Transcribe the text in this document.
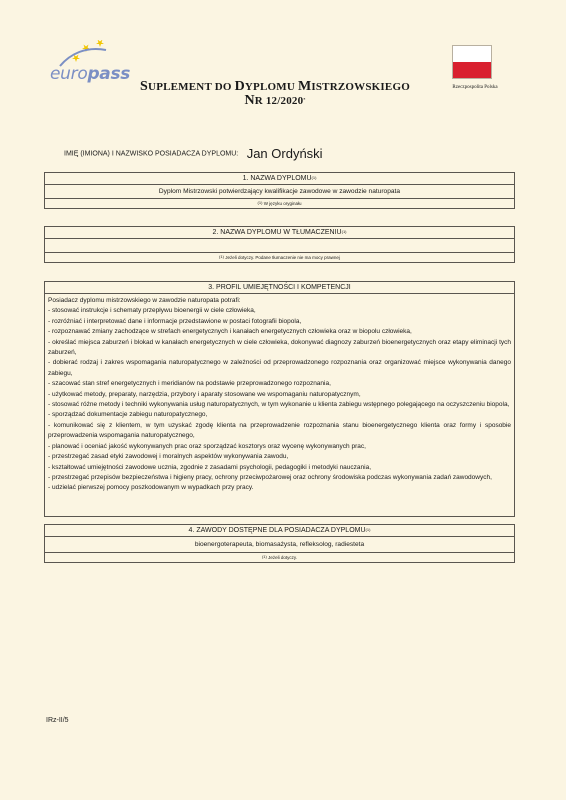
europass
SUPLEMENT DO DYPLOMU MISTRZOWSKIEGO
NR 12/2020*
Rzeczpospolita Polska
IMIĘ (IMIONA) I NAZWISKO POSIADACZA DYPLOMU: Jan Ordyński
1. NAZWA DYPLOMU$^{(1)}$
Dyplom Mistrzowski potwierdzający kwalifikacje zawodowe w zawodzie naturopata
(1) W języku oryginału
2. NAZWA DYPLOMU W TŁUMACZENIU$^{(1)}$
(1) Jeżeli dotyczy. Podane tłumaczenie nie ma mocy prawnej
3. PROFIL UMIEJĘTNOŚCI I KOMPETENCJI
Posiadacz dyplomu mistrzowskiego w zawodzie naturopata potrafi:
- stosować instrukcje i schematy przepływu bioenergii w ciele człowieka,
- rozróżniać i interpretować dane i informacje przedstawione w postaci fotografii biopola,
- rozpoznawać zmiany zachodzące w strefach energetycznych i kanałach energetycznych człowieka oraz w biopolu człowieka,
- określać miejsca zaburzeń i blokad w kanałach energetycznych w ciele człowieka, dokonywać diagnozy zaburzeń bioenergetycznych oraz etapy eliminacji tych zaburzeń,
- dobierać rodzaj i zakres wspomagania naturopatycznego w zależności od przeprowadzonego rozpoznania oraz organizować miejsce wykonywania danego zabiegu,
- szacować stan stref energetycznych i meridianów na podstawie przeprowadzonego rozpoznania,
- użytkować metody, preparaty, narzędzia, przybory i aparaty stosowane we wspomaganiu naturopatycznym,
- stosować różne metody i techniki wykonywania usług naturopatycznych, w tym wykonanie u klienta zabiegu wstępnego polegającego na oczyszczeniu biopola,
- sporządzać dokumentacje zabiegu naturopatycznego,
- komunikować się z klientem, w tym uzyskać zgodę klienta na przeprowadzenie rozpoznania stanu bioenergetycznego klienta oraz formy i sposobie przeprowadzenia wspomagania naturopatycznego,
- planować i oceniać jakość wykonywanych prac oraz sporządzać kosztorys oraz wycenę wykonywanych prac,
- przestrzegać zasad etyki zawodowej i moralnych aspektów wykonywania zawodu,
- kształtować umiejętności zawodowe ucznia, zgodnie z zasadami psychologii, pedagogiki i metodyki nauczania,
- przestrzegać przepisów bezpieczeństwa i higieny pracy, ochrony przeciwpożarowej oraz ochrony środowiska podczas wykonywania zadań zawodowych,
- udzielać pierwszej pomocy poszkodowanym w wypadkach przy pracy.
4. ZAWODY DOSTĘPNE DLA POSIADACZA DYPLOMU$^{(1)}$
bioenergoterapeuta, biomasażysta, refleksolog, radiesteta
(1) Jeżeli dotyczy.
IRz-II/5
